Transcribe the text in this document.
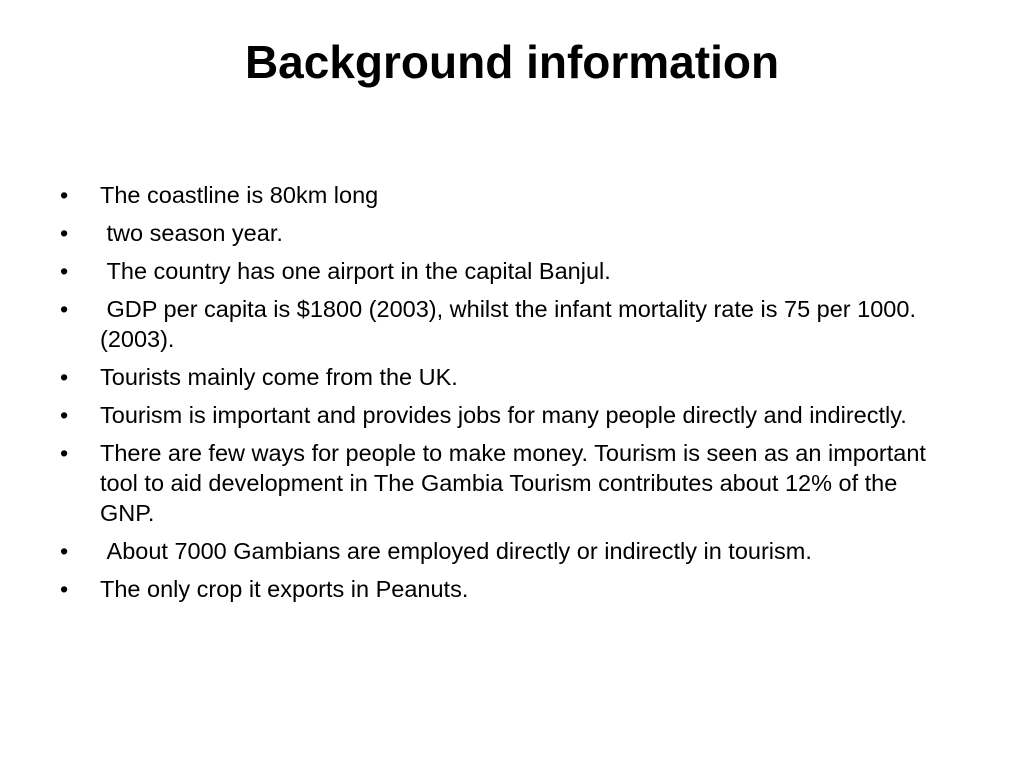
Background information
•	The coastline is 80km long
•	two season year.
•	The country has one airport in the capital Banjul.
•	GDP per capita is $1800 (2003), whilst the infant mortality rate is 75 per 1000. (2003).
•	Tourists mainly come from the UK.
•	Tourism is important and provides jobs for many people directly and indirectly.
•	There are few ways for people to make money. Tourism is seen as an important tool to aid development in The Gambia Tourism contributes about 12% of the GNP.
•	About 7000 Gambians are employed directly or indirectly in tourism.
•	The only crop it exports in Peanuts.
